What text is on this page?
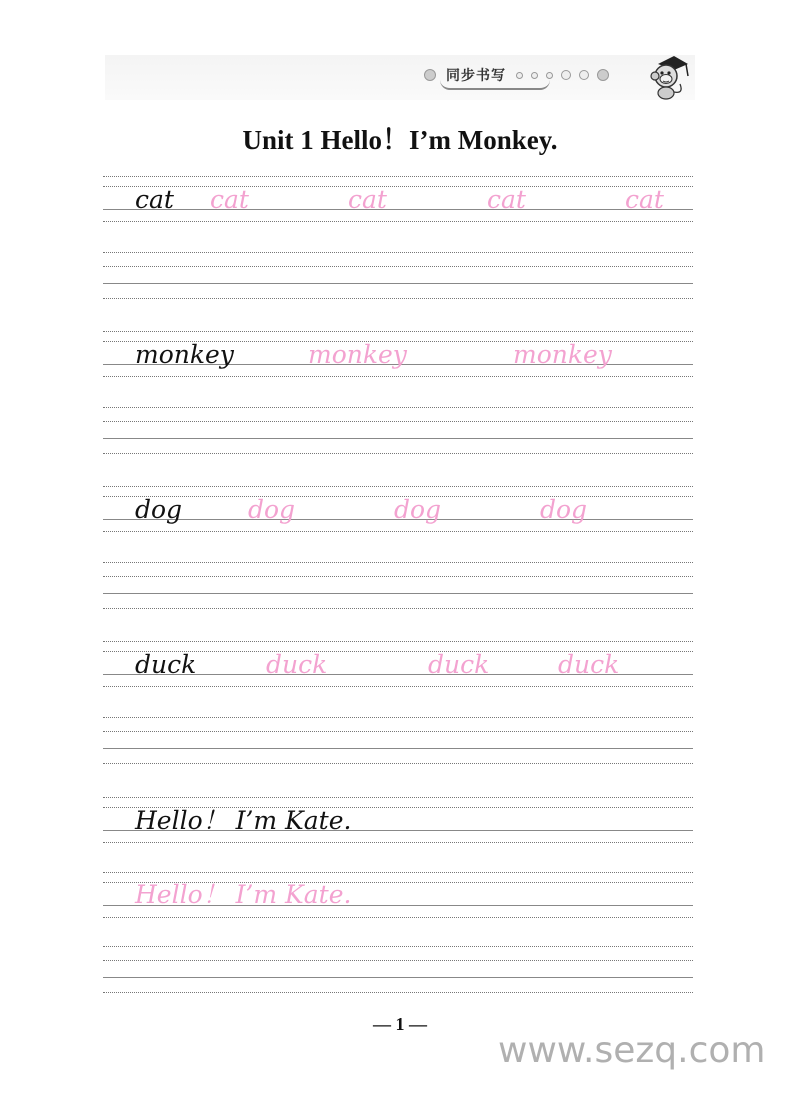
同步书写
Unit 1 Hello！I’m Monkey.
cat cat	cat	cat	cat
monkey	monkey	monkey
dog	dog	dog	dog
duck	duck	duck	duck
Hello！ I’m Kate.
Hello！ I’m Kate.
— 1 —
www.sezq.com
